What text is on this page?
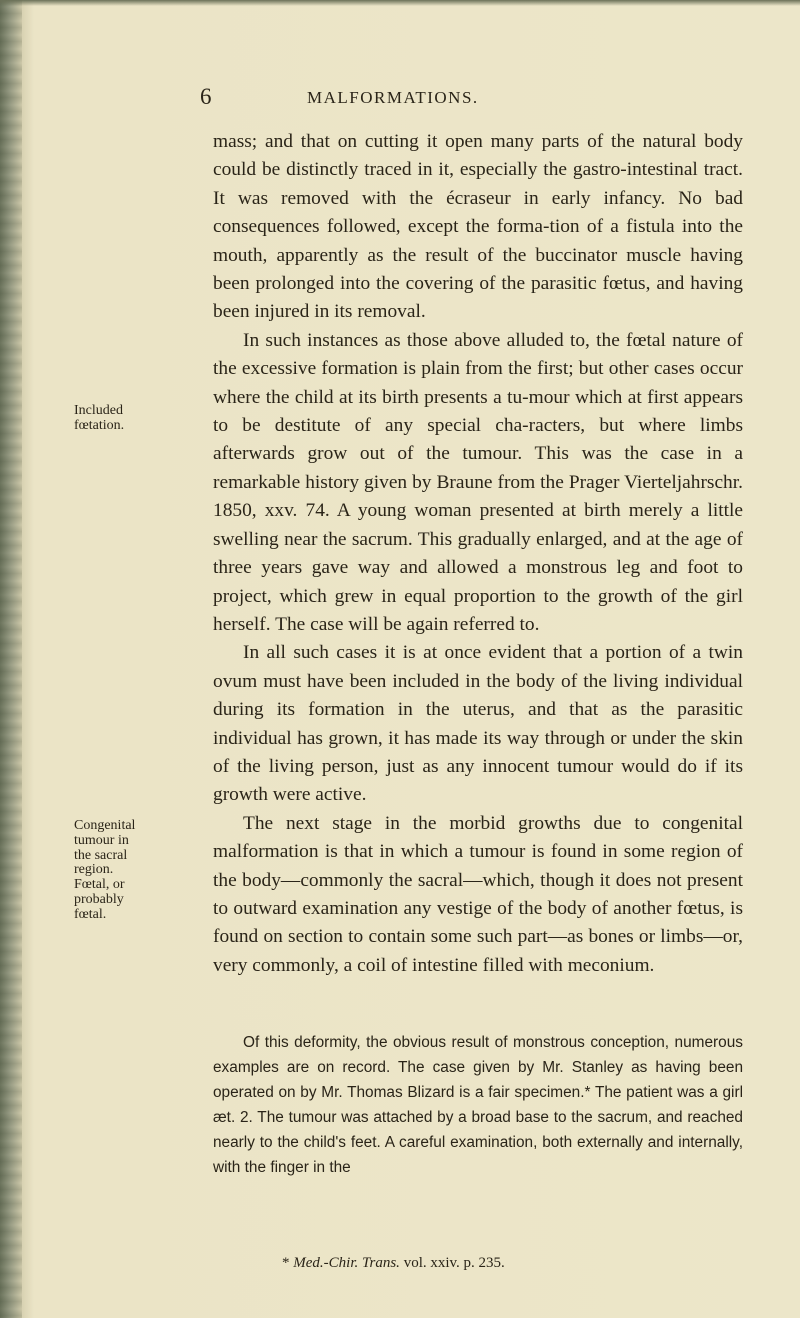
6	MALFORMATIONS.
Included
fœtation.
Congenital
tumour in
the sacral
region.
Fœtal, or
probably
fœtal.

mass; and that on cutting it open many parts of the natural body could be distinctly traced in it, especially the gastro-intestinal tract. It was removed with the écraseur in early infancy. No bad consequences followed, except the forma-tion of a fistula into the mouth, apparently as the result of the buccinator muscle having been prolonged into the covering of the parasitic fœtus, and having been injured in its removal.

In such instances as those above alluded to, the fœtal nature of the excessive formation is plain from the first; but other cases occur where the child at its birth presents a tu-mour which at first appears to be destitute of any special cha-racters, but where limbs afterwards grow out of the tumour. This was the case in a remarkable history given by Braune from the Prager Vierteljahrschr. 1850, xxv. 74. A young woman presented at birth merely a little swelling near the sacrum. This gradually enlarged, and at the age of three years gave way and allowed a monstrous leg and foot to project, which grew in equal proportion to the growth of the girl herself. The case will be again referred to.

In all such cases it is at once evident that a portion of a twin ovum must have been included in the body of the living individual during its formation in the uterus, and that as the parasitic individual has grown, it has made its way through or under the skin of the living person, just as any innocent tumour would do if its growth were active.

The next stage in the morbid growths due to congenital malformation is that in which a tumour is found in some region of the body—commonly the sacral—which, though it does not present to outward examination any vestige of the body of another fœtus, is found on section to contain some such part—as bones or limbs—or, very commonly, a coil of intestine filled with meconium.

Of this deformity, the obvious result of monstrous conception, numerous examples are on record. The case given by Mr. Stanley as having been operated on by Mr. Thomas Blizard is a fair specimen.* The patient was a girl æt. 2. The tumour was attached by a broad base to the sacrum, and reached nearly to the child's feet. A careful examination, both externally and internally, with the finger in the

* Med.-Chir. Trans. vol. xxiv. p. 235.
